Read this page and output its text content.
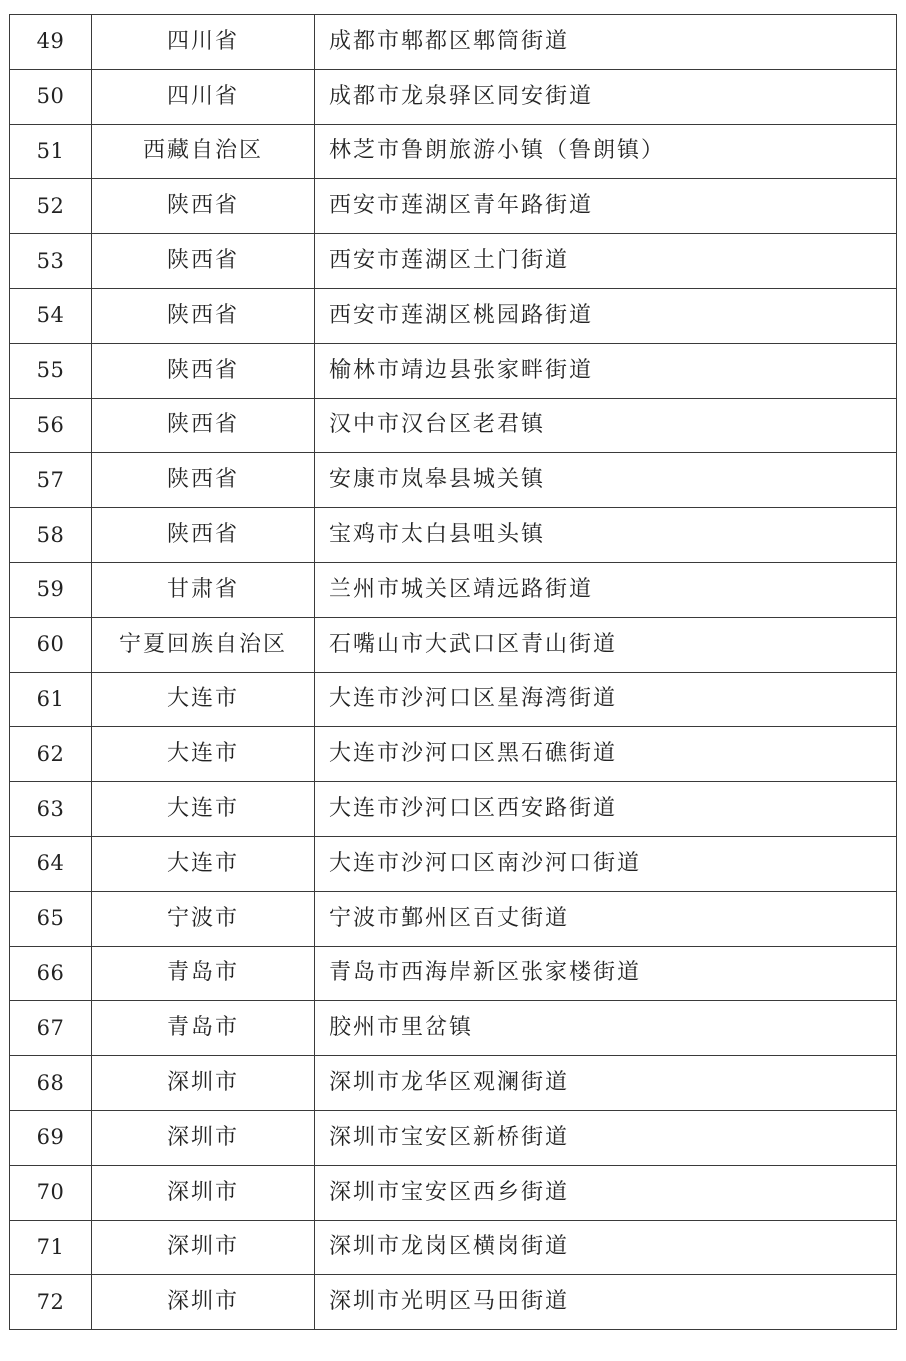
49	四川省	成都市郫都区郫筒街道
50	四川省	成都市龙泉驿区同安街道
51	西藏自治区	林芝市鲁朗旅游小镇（鲁朗镇）
52	陕西省	西安市莲湖区青年路街道
53	陕西省	西安市莲湖区土门街道
54	陕西省	西安市莲湖区桃园路街道
55	陕西省	榆林市靖边县张家畔街道
56	陕西省	汉中市汉台区老君镇
57	陕西省	安康市岚皋县城关镇
58	陕西省	宝鸡市太白县咀头镇
59	甘肃省	兰州市城关区靖远路街道
60	宁夏回族自治区	石嘴山市大武口区青山街道
61	大连市	大连市沙河口区星海湾街道
62	大连市	大连市沙河口区黑石礁街道
63	大连市	大连市沙河口区西安路街道
64	大连市	大连市沙河口区南沙河口街道
65	宁波市	宁波市鄞州区百丈街道
66	青岛市	青岛市西海岸新区张家楼街道
67	青岛市	胶州市里岔镇
68	深圳市	深圳市龙华区观澜街道
69	深圳市	深圳市宝安区新桥街道
70	深圳市	深圳市宝安区西乡街道
71	深圳市	深圳市龙岗区横岗街道
72	深圳市	深圳市光明区马田街道
